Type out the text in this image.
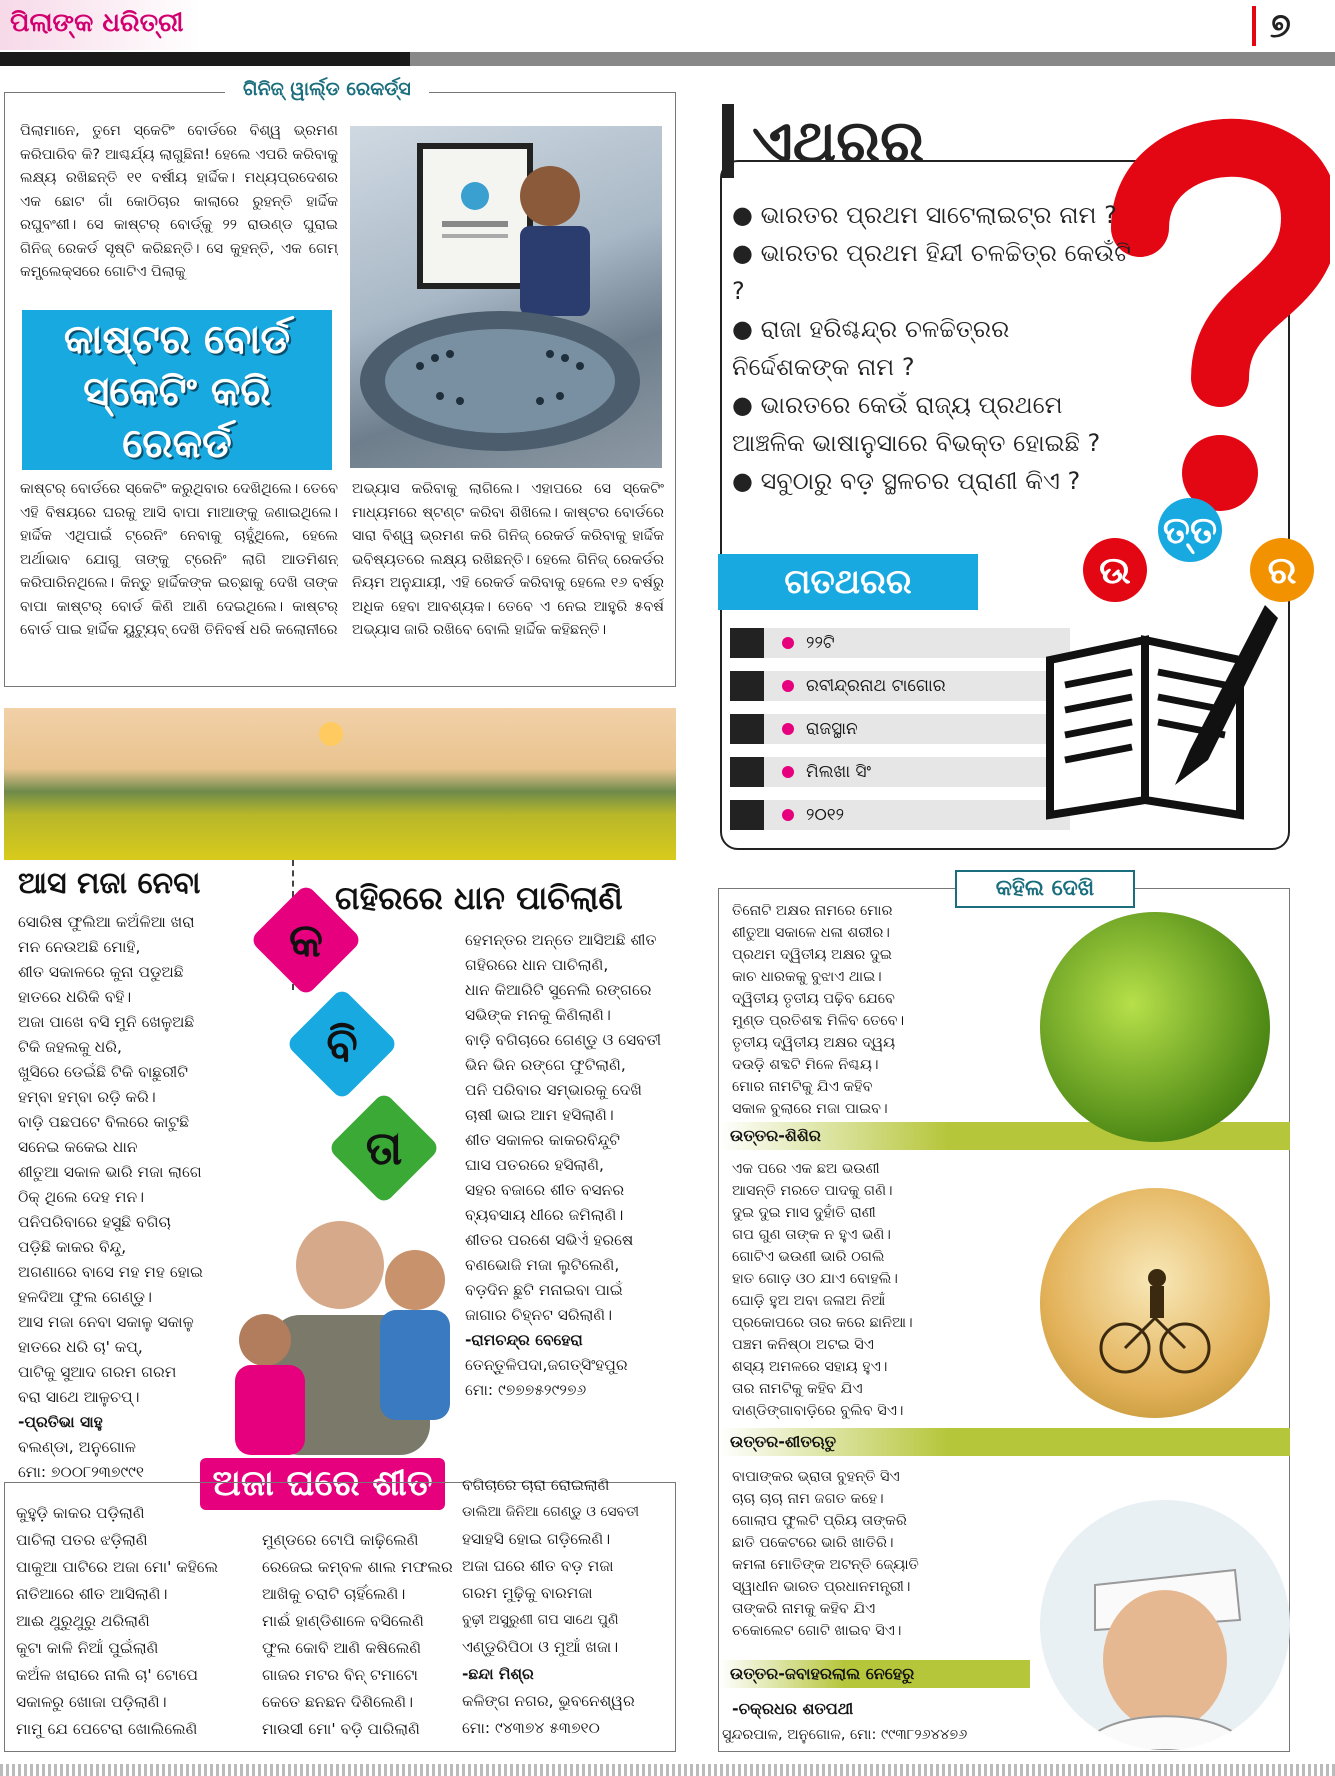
ପିଲାଙ୍କ ଧରିତ୍ରୀ	୭
ଗିନିଜ୍ ୱାର୍ଲ୍ଡ ରେକର୍ଡ୍ସ
ପିଲାମାନେ, ତୁମେ ସ୍କେଟିଂ ବୋର୍ଡରେ ବିଶ୍ୱ ଭ୍ରମଣ କରିପାରିବ କି? ଆଶ୍ଚର୍ଯ୍ୟ ଲାଗୁଛିନା! ହେଲେ ଏପରି କରିବାକୁ ଲକ୍ଷ୍ୟ ରଖିଛନ୍ତି ୧୧ ବର୍ଷୀୟ ହାର୍ଦ୍ଦିକ। ମଧ୍ୟପ୍ରଦେଶର ଏକ ଛୋଟ ଗାଁ କୋଠିଚାର କାଲାରେ ରୁହନ୍ତି ହାର୍ଦ୍ଦିକ ରଘୁବଂଶୀ। ସେ କାଷ୍ଟର୍ ବୋର୍ଡ୍‌କୁ ୨୨ ରାଉଣ୍ଡ ଘୁରାଇ ଗିନିଜ୍ ରେକର୍ଡ ସୃଷ୍ଟି କରିଛନ୍ତି। ସେ କୁହନ୍ତି, ଏକ ଗେମ୍ କମ୍ପ୍ଲେକ୍ସରେ ଗୋଟିଏ ପିଲାକୁ
କାଷ୍ଟର ବୋର୍ଡ ସ୍କେଟିଂ କରି ରେକର୍ଡ
କାଷ୍ଟର୍ ବୋର୍ଡରେ ସ୍କେଟିଂ କରୁଥିବାର ଦେଖିଥିଲେ। ତେବେ ଏହି ବିଷୟରେ ଘରକୁ ଆସି ବାପା ମାଆଙ୍କୁ ଜଣାଇଥିଲେ। ହାର୍ଦ୍ଦିକ ଏଥିପାଇଁ ଟ୍ରେନିଂ ନେବାକୁ ଚାହୁଁଥିଲେ, ହେଲେ ଅର୍ଥାଭାବ ଯୋଗୁ ତାଙ୍କୁ ଟ୍ରେନିଂ ଲାଗି ଆଡମିଶନ୍ କରିପାରିନଥିଲେ। କିନ୍ତୁ ହାର୍ଦ୍ଦିକଙ୍କ ଇଚ୍ଛାକୁ ଦେଖି ତାଙ୍କ ବାପା କାଷ୍ଟର୍ ବୋର୍ଡ କିଣି ଆଣି ଦେଇଥିଲେ। କାଷ୍ଟର୍ ବୋର୍ଡ ପାଇ ହାର୍ଦ୍ଦିକ ୟୁଟ୍ୟୁବ୍ ଦେଖି ତିନିବର୍ଷ ଧରି କଲୋନୀରେ
ଅଭ୍ୟାସ କରିବାକୁ ଲାଗିଲେ। ଏହାପରେ ସେ ସ୍କେଟିଂ ମାଧ୍ୟମରେ ଷ୍ଟଣ୍ଟ କରିବା ଶିଖିଲେ। କାଷ୍ଟର ବୋର୍ଡରେ ସାରା ବିଶ୍ୱ ଭ୍ରମଣ କରି ଗିନିଜ୍ ରେକର୍ଡ କରିବାକୁ ହାର୍ଦ୍ଦିକ ଭବିଷ୍ୟତରେ ଲକ୍ଷ୍ୟ ରଖିଛନ୍ତି। ହେଲେ ଗିନିଜ୍ ରେକର୍ଡର ନିୟମ ଅନୁଯାୟୀ, ଏହି ରେକର୍ଡ କରିବାକୁ ହେଲେ ୧୬ ବର୍ଷରୁ ଅଧିକ ହେବା ଆବଶ୍ୟକ। ତେବେ ଏ ନେଇ ଆହୁରି ୫ବର୍ଷ ଅଭ୍ୟାସ ଜାରି ରଖିବେ ବୋଲି ହାର୍ଦ୍ଦିକ କହିଛନ୍ତି।
ଏଥରର
● ଭାରତର ପ୍ରଥମ ସାଟେଲାଇଟ୍‌ର ନାମ ?
● ଭାରତର ପ୍ରଥମ ହିନ୍ଦୀ ଚଳଚ୍ଚିତ୍ର କେଉଁଟି ?
● ରାଜା ହରିଶ୍ଚନ୍ଦ୍ର ଚଳଚ୍ଚିତ୍ରର ନିର୍ଦ୍ଦେଶକଙ୍କ ନାମ ?
● ଭାରତରେ କେଉଁ ରାଜ୍ୟ ପ୍ରଥମେ ଆଞ୍ଚଳିକ ଭାଷାନୁସାରେ ବିଭକ୍ତ ହୋଇଛି ?
● ସବୁଠାରୁ ବଡ଼ ସ୍ଥଳଚର ପ୍ରାଣୀ କିଏ ?
ଉ
ତ୍ତ
ର
ଗତଥରର
୨୨ଟି
ରବୀନ୍ଦ୍ରନାଥ ଟାଗୋର
ରାଜସ୍ଥାନ
ମିଲଖା ସିଂ
୨୦୧୨
ଆସ ମଜା ନେବା	ଗହିରରେ ଧାନ ପାଚିଲାଣି
କ
ବି
ତା
ସୋରିଷ ଫୁଲିଆ କଅଁଳିଆ ଖରା
ମନ ନେଉଅଛି ମୋହି,
ଶୀତ ସକାଳରେ କୁନା ପଡୁଅଛି
ହାତରେ ଧରିକି ବହି।
ଅଜା ପାଖେ ବସି ମୁନି ଖେଳୁଅଛି
ଟିକି ଜହଲକୁ ଧରି,
ଖୁସିରେ ଡେଇଁଛି ଟିକି ବାଛୁରୀଟି
ହମ୍ବା ହମ୍ବା ରଡ଼ି କରି।
ବାଡ଼ି ପଛପଟେ ବିଲରେ କାଟୁଛି
ସନେଇ କକେଇ ଧାନ
ଶୀତୁଆ ସକାଳ ଭାରି ମଜା ଲାଗେ
ଠିକ୍ ଥିଲେ ଦେହ ମନ।
ପନିପରିବାରେ ହସୁଛି ବଗିଚା
ପଡ଼ିଛି କାକର ବିନ୍ଦୁ,
ଅଗଣାରେ ବାସେ ମହ ମହ ହୋଇ
ହଳଦିଆ ଫୁଲ ଗେଣ୍ଡୁ।
ଆସ ମଜା ନେବା ସକାଳୁ ସକାଳୁ
ହାତରେ ଧରି ଚା' କପ୍,
ପାଟିକୁ ସୁଆଦ ଗରମ ଗରମ
ବରା ସାଥେ ଆଳୁଚପ୍।
-ପ୍ରତିଭା ସାହୁ
ବଲଣ୍ଡା, ଅନୁଗୋଳ
ମୋ: ୭୦୦୮୨୩୭୯୯୧
ହେମନ୍ତର ଅନ୍ତେ ଆସିଅଛି ଶୀତ
ଗହିରରେ ଧାନ ପାଚିଲାଣି,
ଧାନ କିଆରିଟି ସୁନେଲି ରଙ୍ଗରେ
ସଭିଙ୍କ ମନକୁ କିଣିଲାଣି।
ବାଡ଼ି ବଗିଚାରେ ଗେଣ୍ଡୁ ଓ ସେବତୀ
ଭିନ ଭିନ ରଙ୍ଗେ ଫୁଟିଲାଣି,
ପନି ପରିବାର ସମ୍ଭାରକୁ ଦେଖି
ଚାଷୀ ଭାଇ ଆମ ହସିଲାଣି।
ଶୀତ ସକାଳର କାକରବିନ୍ଦୁଟି
ଘାସ ପତରରେ ହସିଲାଣି,
ସହର ବଜାରେ ଶୀତ ବସନର
ବ୍ୟବସାୟ ଧୀରେ ଜମିଲାଣି।
ଶୀତର ପରଶେ ସଭିଏଁ ହରଷେ
ବଣଭୋଜି ମଜା ଲୁଟିଲେଣି,
ବଡ଼ଦିନ ଛୁଟି ମନାଇବା ପାଇଁ
ଜାଗାର ଚିହ୍ନଟ ସରିଲାଣି।
-ରାମଚନ୍ଦ୍ର ବେହେରା
ତେନ୍ତୁଳିପଦା,ଜଗତ୍‌ସିଂହପୁର
ମୋ: ୯୭୭୭୫୨୯୨୭୬
ଅଜା ଘରେ ଶୀତ
କୁହୁଡ଼ି କାକର ପଡ଼ିଲାଣି
ପାଚିଲା ପତର ଝଡ଼ିଲାଣି
ପାକୁଆ ପାଟିରେ ଅଜା ମୋ' କହିଲେ
ନାତିଆରେ ଶୀତ ଆସିଲାଣି।
ଆଈ ଥୁରୁଥୁରୁ ଥରିଲାଣି
କୁଟା କାଳି ନିଆଁ ପୁଇଁଲାଣି
କଅଁଳ ଖରାରେ ନାଲି ଚା' ଟୋପେ
ସକାଳରୁ ଖୋଜା ପଡ଼ିଲାଣି।
ମାମୁ ଯେ ପେଟେରା ଖୋଲିଲେଣି
ମୁଣ୍ଡରେ ଟୋପି କାଢ଼ିଲେଣି
ରେଜେଇ କମ୍ବଳ ଶାଲ ମଫଲର
ଆଖିକୁ ଚରାଟି ଚାହିଁଲେଣି।
ମାଈଁ ହାଣ୍ଡିଶାଳେ ବସିଲେଣି
ଫୁଲ କୋବି ଆଣି କଷିଲେଣି
ଗାଜର ମଟର ବିନ୍ ଟମାଟୋ
କେତେ ଛନଛନ ଦିଶିଲେଣି।
ମାଉସୀ ମୋ' ବଡ଼ି ପାରିଲାଣି
ବଗିଚାରେ ଚାରା ରୋଇଲାଣି
ଡାଲିଆ ଜିନିଆ ଗେଣ୍ଡୁ ଓ ସେବତୀ
ହସାହସି ହୋଇ ଗଡ଼ିଲେଣି।
ଅଜା ଘରେ ଶୀତ ବଡ଼ ମଜା
ଗରମ ମୁଢ଼ିକୁ ବାରମଜା
ବୁଢ଼ୀ ଅସୁରୁଣୀ ଗପ ସାଥେ ପୁଣି
ଏଣ୍ଡୁରିପିଠା ଓ ମୁଆଁ ଖଜା।
-ଛନ୍ଦା ମିଶ୍ର
କଳିଙ୍ଗ ନଗର, ଭୁବନେଶ୍ୱର
ମୋ: ୯୪୩୭୪ ୫୩୭୧୦
କହିଲ ଦେଖି
ତିନୋଟି ଅକ୍ଷର ନାମରେ ମୋର
ଶୀତୁଆ ସକାଳେ ଧଳା ଶରୀର।
ପ୍ରଥମ ଦ୍ୱିତୀୟ ଅକ୍ଷର ଦୁଇ
କାଚ ଧାରକକୁ ବୁଝାଏ ଥାଇ।
ଦ୍ୱିତୀୟ ତୃତୀୟ ପଢ଼ିବ ଯେବେ
ମୁଣ୍ଡ ପ୍ରତିଶବ୍ଦ ମିଳିବ ତେବେ।
ତୃତୀୟ ଦ୍ୱିତୀୟ ଅକ୍ଷର ଦ୍ୱୟ
ଦଉଡ଼ି ଶବ୍ଦଟି ମିଳେ ନିଶ୍ଚୟ।
ମୋର ନାମଟିକୁ ଯିଏ କହିବ
ସକାଳ ବୁଲାରେ ମଜା ପାଇବ।
ଉତ୍ତର-ଶିଶିର
ଏକ ପରେ ଏକ ଛଅ ଭଉଣୀ
ଆସନ୍ତି ମରତେ ପାଦକୁ ଗଣି।
ଦୁଇ ଦୁଇ ମାସ ଦୁହାଁତି ରାଣୀ
ଗପ ଗୁଣ ତାଙ୍କ ନ ହୁଏ ଭଣି।
ଗୋଟିଏ ଭଉଣୀ ଭାରି ଠଗଲି
ହାତ ଗୋଡ଼ ଓଠ ଯାଏ ବୋହଲି।
ଘୋଡ଼ି ହୁଅ ଅବା ଜଳାଅ ନିଆଁ
ପ୍ରକୋପରେ ତାର କରେ ଛାନିଆ।
ପଞ୍ଚମ କନିଷ୍ଠା ଅଟଇ ସିଏ
ଶସ୍ୟ ଅମଳରେ ସହାୟ ହୁଏ।
ତାର ନାମଟିକୁ କହିବ ଯିଏ
ଦାଣ୍ଡିଙ୍ଗାବାଡ଼ିରେ ବୁଲିବ ସିଏ।
ଉତ୍ତର-ଶୀତଋତୁ
ବାପାଙ୍କର ଭ୍ରାତା ବୁହନ୍ତି ସିଏ
ଚାଚା ଚାଚା ନାମ ଜଗତ କହେ।
ଗୋଲାପ ଫୁଲଟି ପ୍ରିୟ ତାଙ୍କରି
ଛାତି ପକେଟରେ ଭାରି ଖାତିରି।
କମଳା ମୋତିଙ୍କ ଅଟନ୍ତି ଜ୍ୟୋତି
ସ୍ୱାଧୀନ ଭାରତ ପ୍ରଧାନମନ୍ତ୍ରୀ।
ତାଙ୍କରି ନାମକୁ କହିବ ଯିଏ
ଚକୋଲେଟ ଗୋଟି ଖାଇବ ସିଏ।
ଉତ୍ତର-ଜବାହରଲାଲ ନେହେରୁ
-ଚକ୍ରଧର ଶତପଥୀ
ସୁନ୍ଦରପାଳ, ଅନୁଗୋଳ, ମୋ: ୯୯୩୮୨୬୪୪୭୬
